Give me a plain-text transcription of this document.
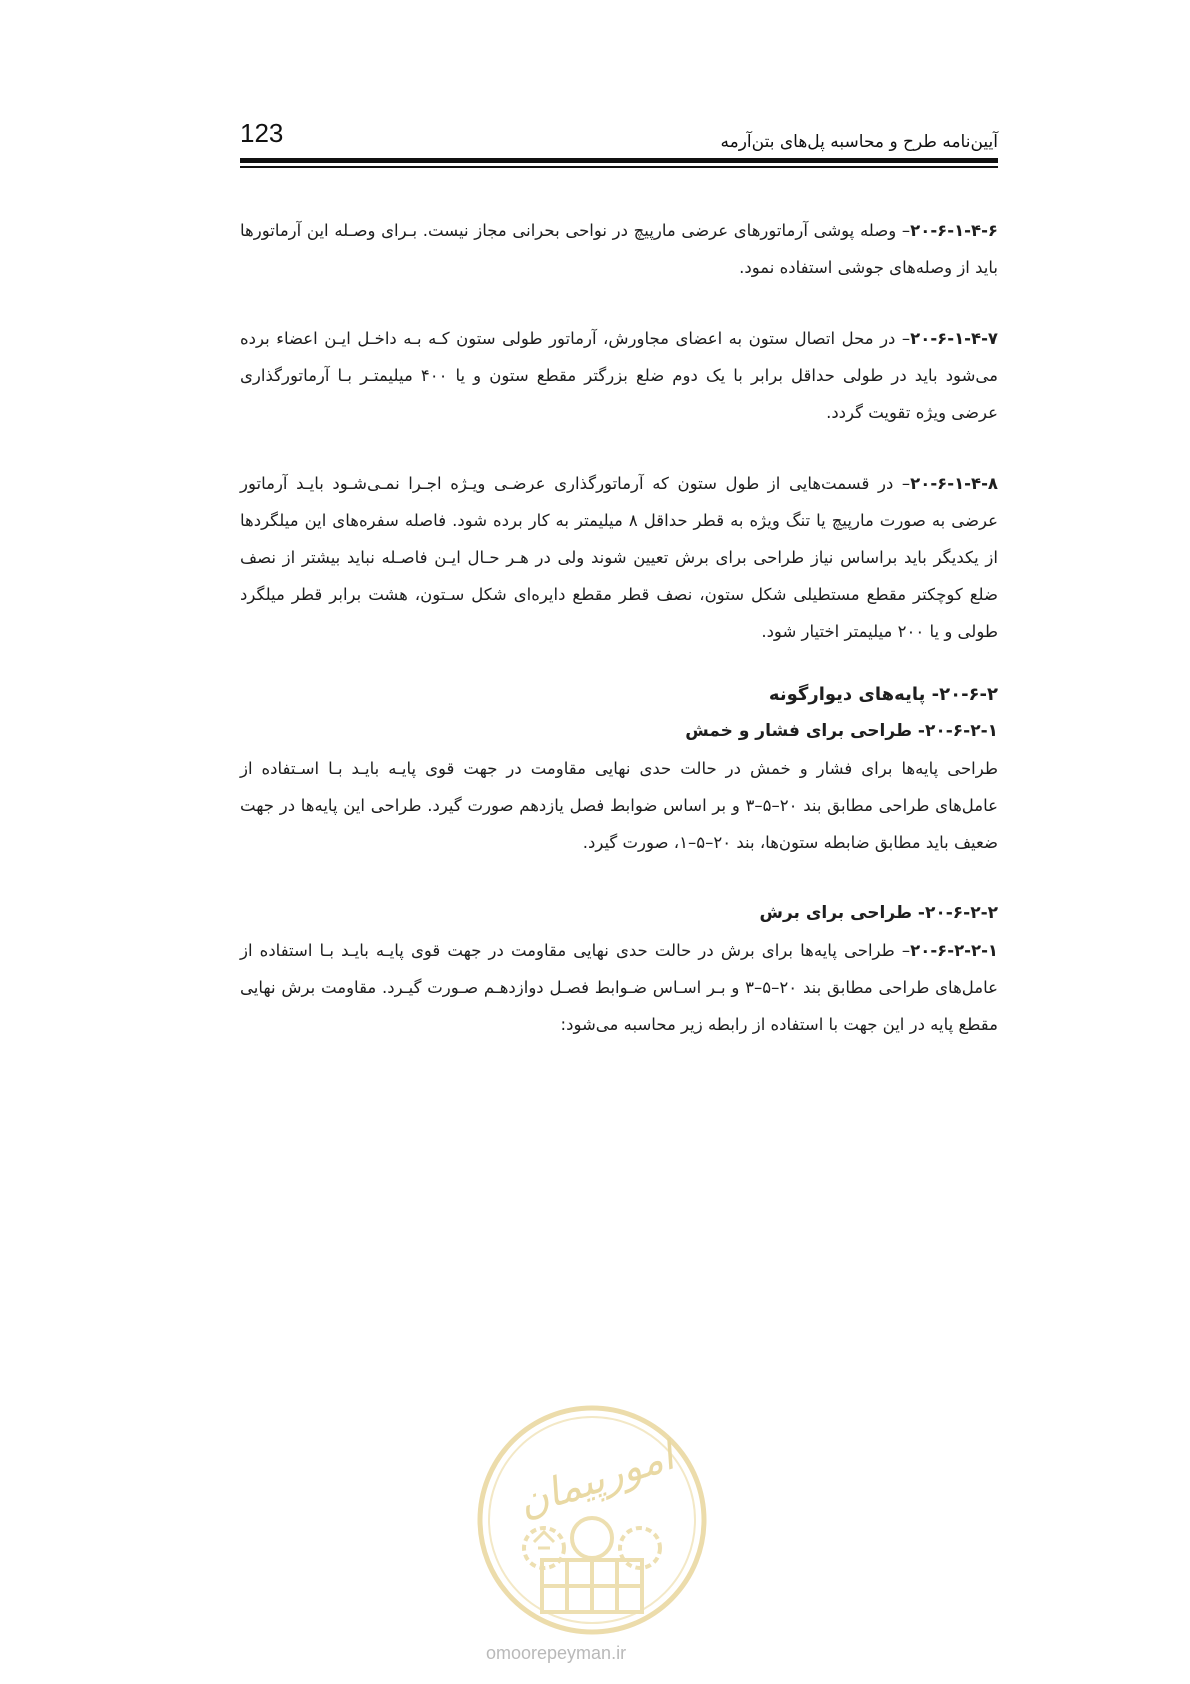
123	آیین‌نامه طرح و محاسبه پل‌های بتن‌آرمه

۲۰-۶-۱-۴-۶– وصله پوشی آرماتورهای عرضی مارپیچ در نواحی بحرانی مجاز نیست. بـرای وصـله این آرماتورها باید از وصله‌های جوشی استفاده نمود.

۲۰-۶-۱-۴-۷– در محل اتصال ستون به اعضای مجاورش، آرماتور طولی ستون کـه بـه داخـل ایـن اعضاء برده می‌شود باید در طولی حداقل برابر با یک دوم ضلع بزرگتر مقطع ستون و یا ۴۰۰ میلیمتـر بـا آرماتورگذاری عرضی ویژه تقویت گردد.

۲۰-۶-۱-۴-۸– در قسمت‌هایی از طول ستون که آرماتورگذاری عرضـی ویـژه اجـرا نمـی‌شـود بایـد آرماتور عرضی به صورت مارپیچ یا تنگ ویژه به قطر حداقل ۸ میلیمتر به کار برده شود. فاصله سفره‌های این میلگردها از یکدیگر باید براساس نیاز طراحی برای برش تعیین شوند ولی در هـر حـال ایـن فاصـله نباید بیشتر از نصف ضلع کوچکتر مقطع مستطیلی شکل ستون، نصف قطر مقطع دایره‌ای شکل سـتون، هشت برابر قطر میلگرد طولی و یا ۲۰۰ میلیمتر اختیار شود.

۲۰-۶-۲- پایه‌های دیوارگونه

۲۰-۶-۲-۱- طراحی برای فشار و خمش

طراحی پایه‌ها برای فشار و خمش در حالت حدی نهایی مقاومت در جهت قوی پایـه بایـد بـا اسـتفاده از عامل‌های طراحی مطابق بند ۲۰–۵–۳ و بر اساس ضوابط فصل یازدهم صورت گیرد. طراحی این پایه‌ها در جهت ضعیف باید مطابق ضابطه ستون‌ها، بند ۲۰–۵–۱، صورت گیرد.

۲۰-۶-۲-۲- طراحی برای برش

۲۰-۶-۲-۲-۱– طراحی پایه‌ها برای برش در حالت حدی نهایی مقاومت در جهت قوی پایـه بایـد بـا استفاده از عامل‌های طراحی مطابق بند ۲۰–۵–۳ و بـر اسـاس ضـوابط فصـل دوازدهـم صـورت گیـرد. مقاومت برش نهایی مقطع پایه در این جهت با استفاده از رابطه زیر محاسبه می‌شود:

امورپیمان
omoorepeyman.ir
